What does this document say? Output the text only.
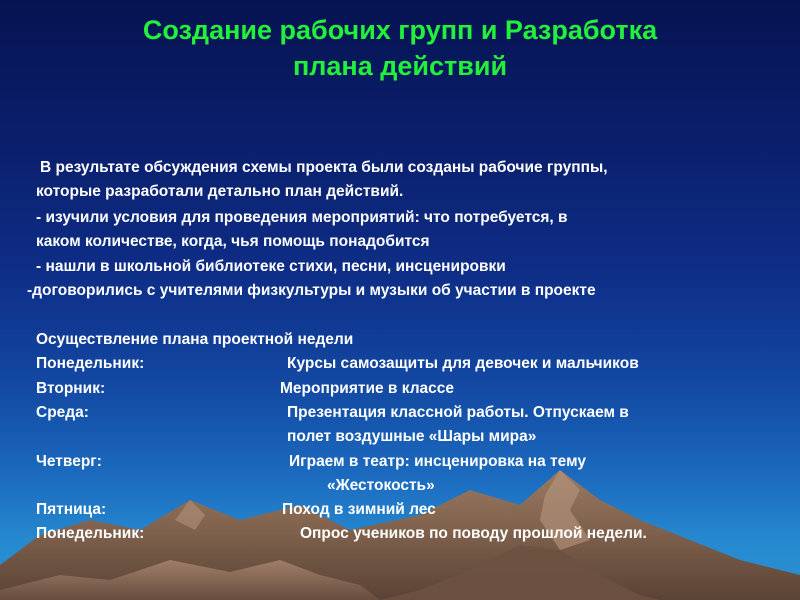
Создание рабочих групп и Разработка
плана действий
В результате обсуждения схемы проекта были созданы рабочие группы,
которые разработали детально план действий.
- изучили условия для проведения мероприятий: что потребуется, в
каком количестве, когда, чья помощь понадобится
- нашли в школьной библиотеке стихи, песни, инсценировки
-договорились с учителями физкультуры и музыки об участии в проекте
Осуществление плана проектной недели
Понедельник:	Курсы самозащиты для девочек и мальчиков
Вторник:	Мероприятие в классе
Среда:	Презентация классной работы. Отпускаем в
полет воздушные «Шары мира»
Четверг:	Играем в театр: инсценировка на тему
«Жестокость»
Пятница:	Поход в зимний лес
Понедельник:	Опрос учеников по поводу прошлой недели.
